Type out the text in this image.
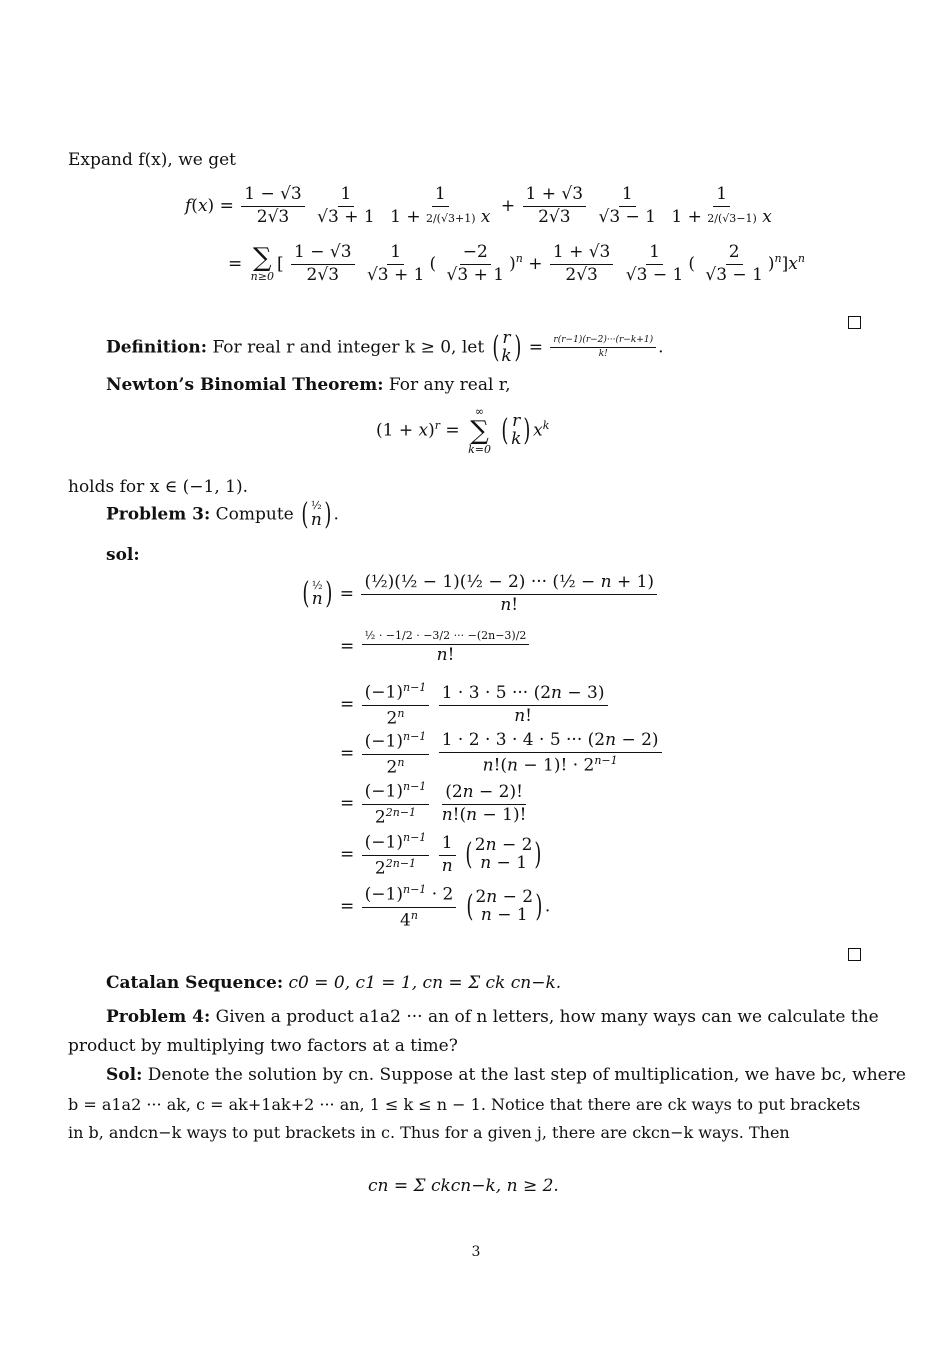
Expand f(x), we get
$f(x) = \frac{1 - √3}{2√3}$
$\frac{1}{√3 + 1}$
$\frac{1}{1 + 2/(√3+1) x} + \frac{1 + √3}{2√3}$
$\frac{1}{√3 - 1}$
$\frac{1}{1 + 2/(√3-1) x}$
= ∑
n≥0
[ $\frac{1 - √3}{2√3}$
$\frac{1}{√3 + 1}$ ( $\frac{-2}{√3 + 1} )^n + \frac{1 + √3}{2√3}$
$\frac{1}{√3 - 1}$ ( $\frac{2}{√3 - 1} )^n]x^n$
Definition: For real r and integer k ≥ 0, let ( r
k ) = $\frac{r(r-1)(r-2)\cdot\cdot\cdot(r-k+1)}{k!}$ .
Newton’s Binomial Theorem: For any real r,
$(1 + x)^r$ =
∞
∑
k=0

( r
k ) $x^k$
holds for x ∈ (−1, 1).
Problem 3: Compute ( ½
n ) .
sol:
( ½
n ) = $\frac{\text{(½)(½ − 1)(½ − 2) ··· (½ − n + 1)}}{n!}$
= $\frac{\text{½ · −1/2 · −3/2 ··· −(2n−3)/2}}{n!}$
= $\frac{(-1)^{n-1}}{2^n}$
$\frac{1 \cdot 3 \cdot 5 \cdot\cdot\cdot (2n - 3)}{n!}$
= $\frac{(-1)^{n-1}}{2^n}$
$\frac{1 \cdot 2 \cdot 3 \cdot 4 \cdot 5 \cdot\cdot\cdot (2n - 2)}{n!(n - 1)! \cdot 2^{n-1}}$
= $\frac{(-1)^{n-1}}{2^{2n-1}}$
$\frac{(2n - 2)!}{n!(n - 1)!}$
= $\frac{(-1)^{n-1}}{2^{2n-1}}$
$\frac{1}{n}$
( 2n − 2
n − 1 )
= $\frac{(-1)^{n-1} \cdot 2}{4^n}$
( 2n − 2
n − 1 ) .
Catalan Sequence: c0 = 0, c1 = 1, cn = Σ ck cn−k.
Problem 4: Given a product a1a2 ··· an of n letters, how many ways can we calculate the
product by multiplying two factors at a time?
Sol: Denote the solution by cn. Suppose at the last step of multiplication, we have bc, where
b = a1a2 ··· ak, c = ak+1ak+2 ··· an, 1 ≤ k ≤ n − 1. Notice that there are ck ways to put brackets
in b, andcn−k ways to put brackets in c. Thus for a given j, there are ckcn−k ways. Then
cn = Σ ckcn−k, n ≥ 2.
3
